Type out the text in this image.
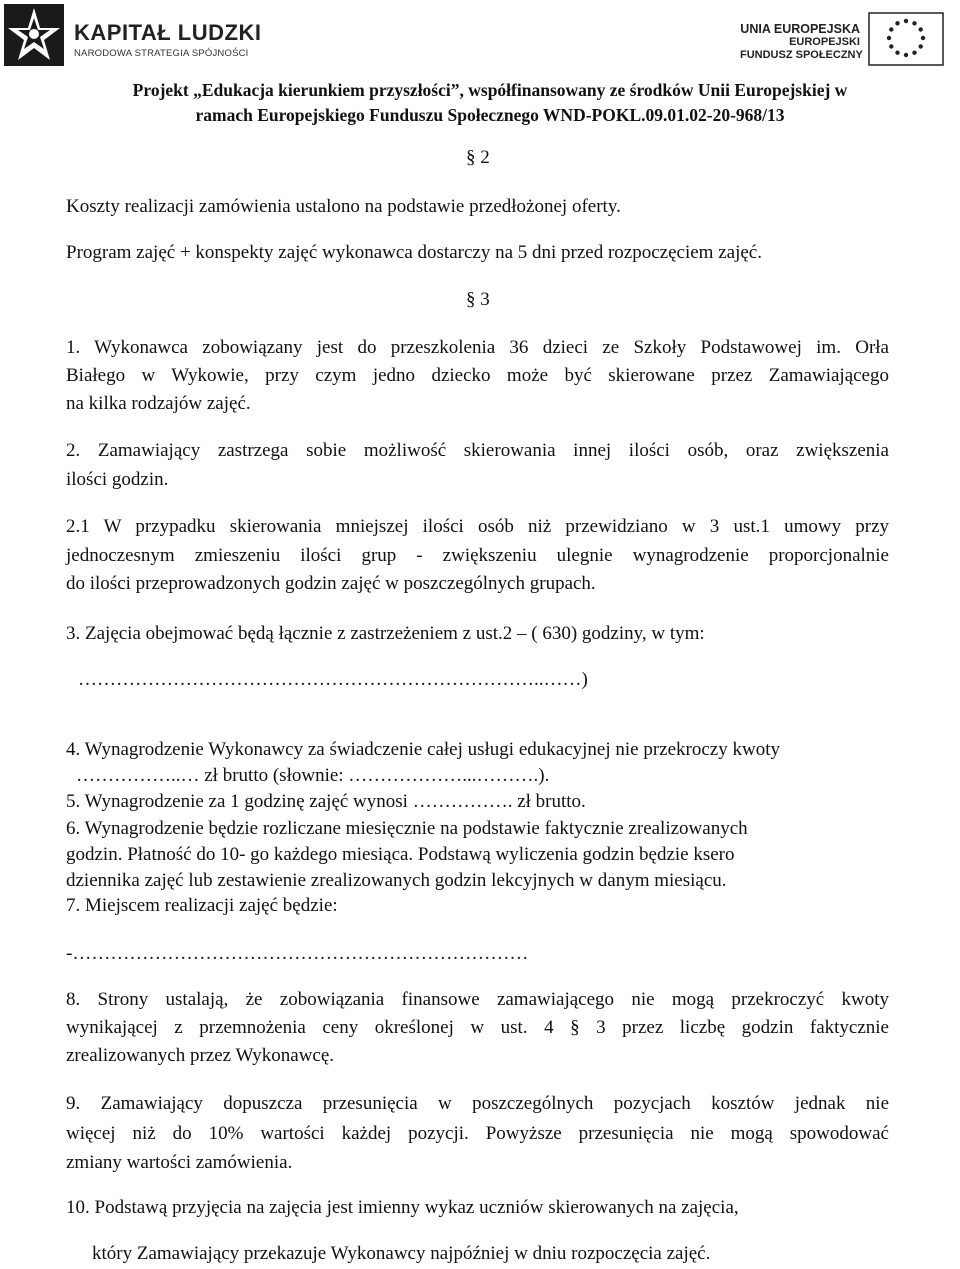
KAPITAŁ LUDZKI
NARODOWA STRATEGIA SPÓJNOŚCI
UNIA EUROPEJSKA
EUROPEJSKI
FUNDUSZ SPOŁECZNY
Projekt „Edukacja kierunkiem przyszłości”, współfinansowany ze środków Unii Europejskiej w
ramach Europejskiego Funduszu Społecznego WND-POKL.09.01.02-20-968/13
§ 2
Koszty realizacji zamówienia ustalono na podstawie przedłożonej oferty.
Program zajęć + konspekty zajęć wykonawca dostarczy na 5 dni przed rozpoczęciem zajęć.
§ 3
1. Wykonawca zobowiązany jest do przeszkolenia 36 dzieci ze Szkoły Podstawowej im. Orła
Białego w Wykowie, przy czym jedno dziecko może być skierowane przez Zamawiającego
na kilka rodzajów zajęć.
2. Zamawiający zastrzega sobie możliwość skierowania innej ilości osób, oraz zwiększenia
ilości godzin.
2.1 W przypadku skierowania mniejszej ilości osób niż przewidziano w 3 ust.1 umowy przy
jednoczesnym zmieszeniu ilości grup - zwiększeniu ulegnie wynagrodzenie proporcjonalnie
do ilości przeprowadzonych godzin zajęć w poszczególnych grupach.
3. Zajęcia obejmować będą łącznie z zastrzeżeniem z ust.2 – ( 630) godziny, w tym:
………………………………………………………………..……)
4. Wynagrodzenie Wykonawcy za świadczenie całej usługi edukacyjnej nie przekroczy kwoty
……………..… zł brutto (słownie: ………………...……….).
5. Wynagrodzenie za 1 godzinę zajęć wynosi ……………. zł brutto.
6. Wynagrodzenie będzie rozliczane miesięcznie na podstawie faktycznie zrealizowanych
godzin. Płatność do 10- go każdego miesiąca. Podstawą wyliczenia godzin będzie ksero
dziennika zajęć lub zestawienie zrealizowanych godzin lekcyjnych w danym miesiącu.
7. Miejscem realizacji zajęć będzie:
-………………………………………………………………
8. Strony ustalają, że zobowiązania finansowe zamawiającego nie mogą przekroczyć kwoty
wynikającej z przemnożenia ceny określonej w ust. 4 § 3 przez liczbę godzin faktycznie
zrealizowanych przez Wykonawcę.
9. Zamawiający dopuszcza przesunięcia w poszczególnych pozycjach kosztów jednak nie
więcej niż do 10% wartości każdej pozycji. Powyższe przesunięcia nie mogą spowodować
zmiany wartości zamówienia.
10. Podstawą przyjęcia na zajęcia jest imienny wykaz uczniów skierowanych na zajęcia,
który Zamawiający przekazuje Wykonawcy najpóźniej w dniu rozpoczęcia zajęć.
